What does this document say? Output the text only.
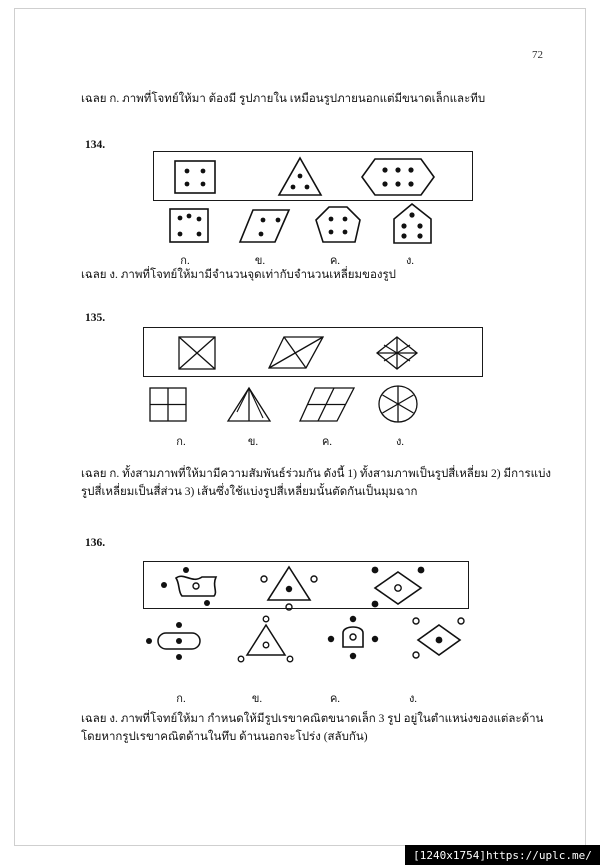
72
เฉลย ก. ภาพที่โจทย์ให้มา ต้องมี รูปภายใน เหมือนรูปภายนอกแต่มีขนาดเล็กและทีบ
134.
ก.	ข.	ค.	ง.
เฉลย ง. ภาพที่โจทย์ให้มามีจำนวนจุดเท่ากับจำนวนเหลี่ยมของรูป
135.
ก.	ข.	ค.	ง.
เฉลย ก. ทั้งสามภาพที่ให้มามีความสัมพันธ์ร่วมกัน ดังนี้ 1) ทั้งสามภาพเป็นรูปสี่เหลี่ยม 2) มีการแบ่งรูปสี่เหลี่ยมเป็นสี่ส่วน 3) เส้นซึ่งใช้แบ่งรูปสี่เหลี่ยมนั้นตัดกันเป็นมุมฉาก
136.
ก.	ข.	ค.	ง.
เฉลย ง. ภาพที่โจทย์ให้มา กำหนดให้มีรูปเรขาคณิตขนาดเล็ก 3 รูป อยู่ในตำแหน่งของแต่ละด้าน โดยหากรูปเรขาคณิตด้านในทึบ ด้านนอกจะโปร่ง (สลับกัน)
[1240x1754]https://uplc.me/
